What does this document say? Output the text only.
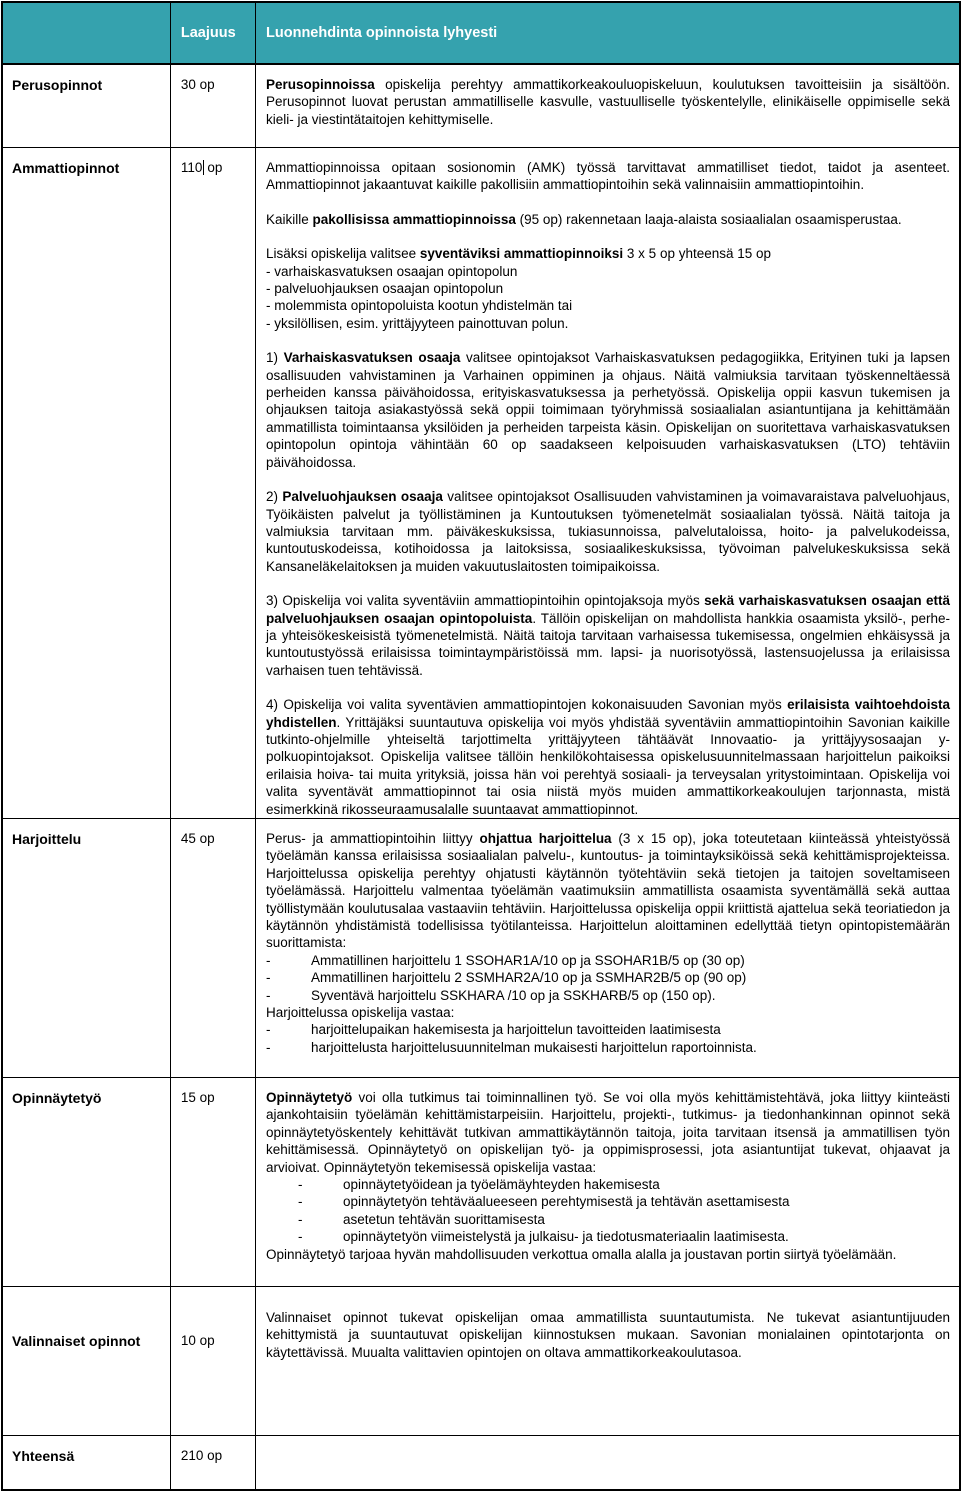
	Laajuus	Luonnehdinta opinnoista lyhyesti
Perusopinnot	30 op	Perusopinnoissa opiskelija perehtyy ammattikorkeakouluopiskeluun, koulutuksen tavoitteisiin ja sisältöön. Perusopinnot luovat perustan ammatilliselle kasvulle, vastuulliselle työskentelylle, elinikäiselle oppimiselle sekä kieli- ja viestintätaitojen kehittymiselle.

Ammattiopinnot	110 op	Ammattiopinnoissa opitaan sosionomin (AMK) työssä tarvittavat ammatilliset tiedot, taidot ja asenteet. Ammattiopinnot jakaantuvat kaikille pakollisiin ammattiopintoihin sekä valinnaisiin ammattiopintoihin.

Kaikille pakollisissa ammattiopinnoissa (95 op) rakennetaan laaja-alaista sosiaalialan osaamisperustaa.

Lisäksi opiskelija valitsee syventäviksi ammattiopinnoiksi 3 x 5 op yhteensä 15 op

- varhaiskasvatuksen osaajan opintopolun
- palveluohjauksen osaajan opintopolun
- molemmista opintopoluista kootun yhdistelmän tai
- yksilöllisen, esim. yrittäjyyteen painottuvan polun.

1) Varhaiskasvatuksen osaaja valitsee opintojaksot Varhaiskasvatuksen pedagogiikka, Erityinen tuki ja lapsen osallisuuden vahvistaminen ja Varhainen oppiminen ja ohjaus. Näitä valmiuksia tarvitaan työskenneltäessä perheiden kanssa päivähoidossa, erityiskasvatuksessa ja perhetyössä. Opiskelija oppii kasvun tukemisen ja ohjauksen taitoja asiakastyössä sekä oppii toimimaan työryhmissä sosiaalialan asiantuntijana ja kehittämään ammatillista toimintaansa yksilöiden ja perheiden tarpeista käsin. Opiskelijan on suoritettava varhaiskasvatuksen opintopolun opintoja vähintään 60 op saadakseen kelpoisuuden varhaiskasvatuksen (LTO) tehtäviin päivähoidossa.

2) Palveluohjauksen osaaja valitsee opintojaksot Osallisuuden vahvistaminen ja voimavaraistava palveluohjaus, Työikäisten palvelut ja työllistäminen ja Kuntoutuksen työmenetelmät sosiaalialan työssä. Näitä taitoja ja valmiuksia tarvitaan mm. päiväkeskuksissa, tukiasunnoissa, palvelutaloissa, hoito- ja palvelukodeissa, kuntoutuskodeissa, kotihoidossa ja laitoksissa, sosiaalikeskuksissa, työvoiman palvelukeskuksissa sekä Kansaneläkelaitoksen ja muiden vakuutuslaitosten toimipaikoissa.

3) Opiskelija voi valita syventäviin ammattiopintoihin opintojaksoja myös sekä varhaiskasvatuksen osaajan että palveluohjauksen osaajan opintopoluista. Tällöin opiskelijan on mahdollista hankkia osaamista yksilö-, perhe- ja yhteisökeskeisistä työmenetelmistä. Näitä taitoja tarvitaan varhaisessa tukemisessa, ongelmien ehkäisyssä ja kuntoutustyössä erilaisissa toimintaympäristöissä mm. lapsi- ja nuorisotyössä, lastensuojelussa ja erilaisissa varhaisen tuen tehtävissä.

4) Opiskelija voi valita syventävien ammattiopintojen kokonaisuuden Savonian myös erilaisista vaihtoehdoista yhdistellen. Yrittäjäksi suuntautuva opiskelija voi myös yhdistää syventäviin ammattiopintoihin Savonian kaikille tutkinto-ohjelmille yhteiseltä tarjottimelta yrittäjyyteen tähtäävät Innovaatio- ja yrittäjyysosaajan y-polkuopintojaksot. Opiskelija valitsee tällöin henkilökohtaisessa opiskelusuunnitelmassaan harjoittelun paikoiksi erilaisia hoiva- tai muita yrityksiä, joissa hän voi perehtyä sosiaali- ja terveysalan yritystoimintaan. Opiskelija voi valita syventävät ammattiopinnot tai osia niistä myös muiden ammattikorkeakoulujen tarjonnasta, mistä esimerkkinä rikosseuraamusalalle suuntaavat ammattiopinnot.

Harjoittelu	45 op	Perus- ja ammattiopintoihin liittyy ohjattua harjoittelua (3 x 15 op), joka toteutetaan kiinteässä yhteistyössä työelämän kanssa erilaisissa sosiaalialan palvelu-, kuntoutus- ja toimintayksiköissä sekä kehittämisprojekteissa. Harjoittelussa opiskelija perehtyy ohjatusti käytännön työtehtäviin sekä tietojen ja taitojen soveltamiseen työelämässä. Harjoittelu valmentaa työelämän vaatimuksiin ammatillista osaamista syventämällä sekä auttaa työllistymään koulutusalaa vastaaviin tehtäviin. Harjoittelussa opiskelija oppii kriittistä ajattelua sekä teoriatiedon ja käytännön yhdistämistä todellisissa työtilanteissa. Harjoittelun aloittaminen edellyttää tietyn opintopistemäärän suorittamista:

-	Ammatillinen harjoittelu 1 SSOHAR1A/10 op ja SSOHAR1B/5 op (30 op)
-	Ammatillinen harjoittelu 2 SSMHAR2A/10 op ja SSMHAR2B/5 op (90 op)
-	Syventävä harjoittelu SSKHARA /10 op ja SSKHARB/5 op (150 op).
Harjoittelussa opiskelija vastaa:
-	harjoittelupaikan hakemisesta ja harjoittelun tavoitteiden laatimisesta
-	harjoittelusta harjoittelusuunnitelman mukaisesti harjoittelun raportoinnista.

Opinnäytetyö	15 op	Opinnäytetyö voi olla tutkimus tai toiminnallinen työ. Se voi olla myös kehittämistehtävä, joka liittyy kiinteästi ajankohtaisiin työelämän kehittämistarpeisiin. Harjoittelu, projekti-, tutkimus- ja tiedonhankinnan opinnot sekä opinnäytetyöskentely kehittävät tutkivan ammattikäytännön taitoja, joita tarvitaan itsensä ja ammatillisen työn kehittämisessä. Opinnäytetyö on opiskelijan työ- ja oppimisprosessi, jota asiantuntijat tukevat, ohjaavat ja arvioivat. Opinnäytetyön tekemisessä opiskelija vastaa:

-	opinnäytetyöidean ja työelämäyhteyden hakemisesta
-	opinnäytetyön tehtäväalueeseen perehtymisestä ja tehtävän asettamisesta
-	asetetun tehtävän suorittamisesta
-	opinnäytetyön viimeistelystä ja julkaisu- ja tiedotusmateriaalin laatimisesta.
Opinnäytetyö tarjoaa hyvän mahdollisuuden verkottua omalla alalla ja joustavan portin siirtyä työelämään.

Valinnaiset opinnot	10 op	Valinnaiset opinnot tukevat opiskelijan omaa ammatillista suuntautumista. Ne tukevat asiantuntijuuden kehittymistä ja suuntautuvat opiskelijan kiinnostuksen mukaan. Savonian monialainen opintotarjonta on käytettävissä. Muualta valittavien opintojen on oltava ammattikorkeakoulutasoa.

Yhteensä	210 op	
